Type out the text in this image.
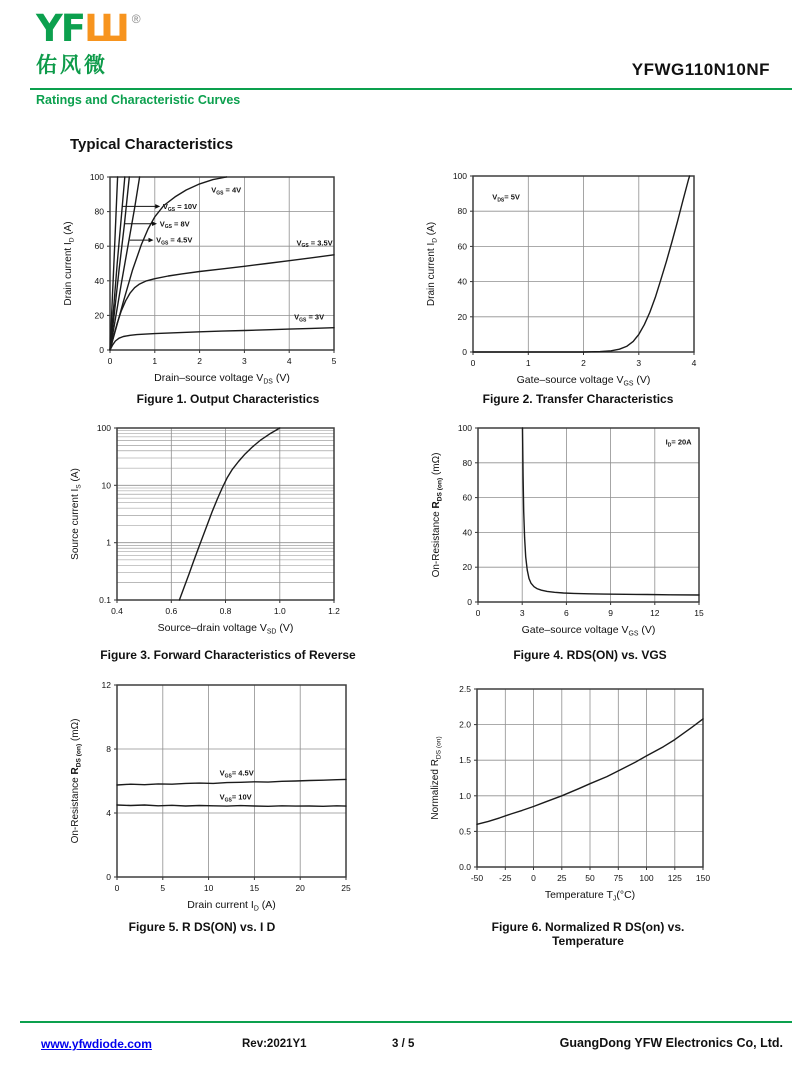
YFШ ®
佑风微	YFWG110N10NF
Ratings and Characteristic Curves
Typical Characteristics
0	1	2	3	4	5
0
20
40
60
80
100
$V_{GS} = 4V$
$V_{GS} = 3.5V$
$V_{GS} = 3V$
$V_{GS} = 10V$
$V_{GS} = 8V$
$V_{GS} = 4.5V$
Drain current $I_D$ (A)
Drain–source voltage $V_{DS}$ (V)
0	1	2	3	4
0
20
40
60
80
100
$V_{DS}= 5V$
Drain current $I_D$ (A)
Gate–source voltage $V_{GS}$ (V)
0.4	0.6	0.8	1.0	1.2
0.1
1
10
100
Source current $I_S$ (A)
Source–drain voltage $V_{SD}$ (V)
0	3	6	9	12	15
0
20
40
60
80
100
$I_D= 20A$
On-Resistance $R_{DS (on)}$ (mΩ)
Gate–source voltage $V_{GS}$ (V)
0	5	10	15	20	25
0
4
8
12
$V_{GS}= 4.5V$
$V_{GS}= 10V$
On-Resistance $R_{DS (on)}$ (mΩ)
Drain current $I_D$ (A)
-50 -25 0 25 50 75 100 125 150
0.0
0.5
1.0
1.5
2.0
2.5
Normalized $R_{DS (on)}$
Temperature $T_J(^\circ C)$
Figure 1. Output Characteristics	Figure 2. Transfer Characteristics
Figure 3. Forward Characteristics of Reverse	Figure 4. RDS(ON) vs. VGS
Figure 5. R DS(ON) vs. I D	Figure 6. Normalized R DS(on) vs. Temperature
www.yfwdiode.com	Rev:2021Y1	3 / 5	GuangDong YFW Electronics Co, Ltd.
